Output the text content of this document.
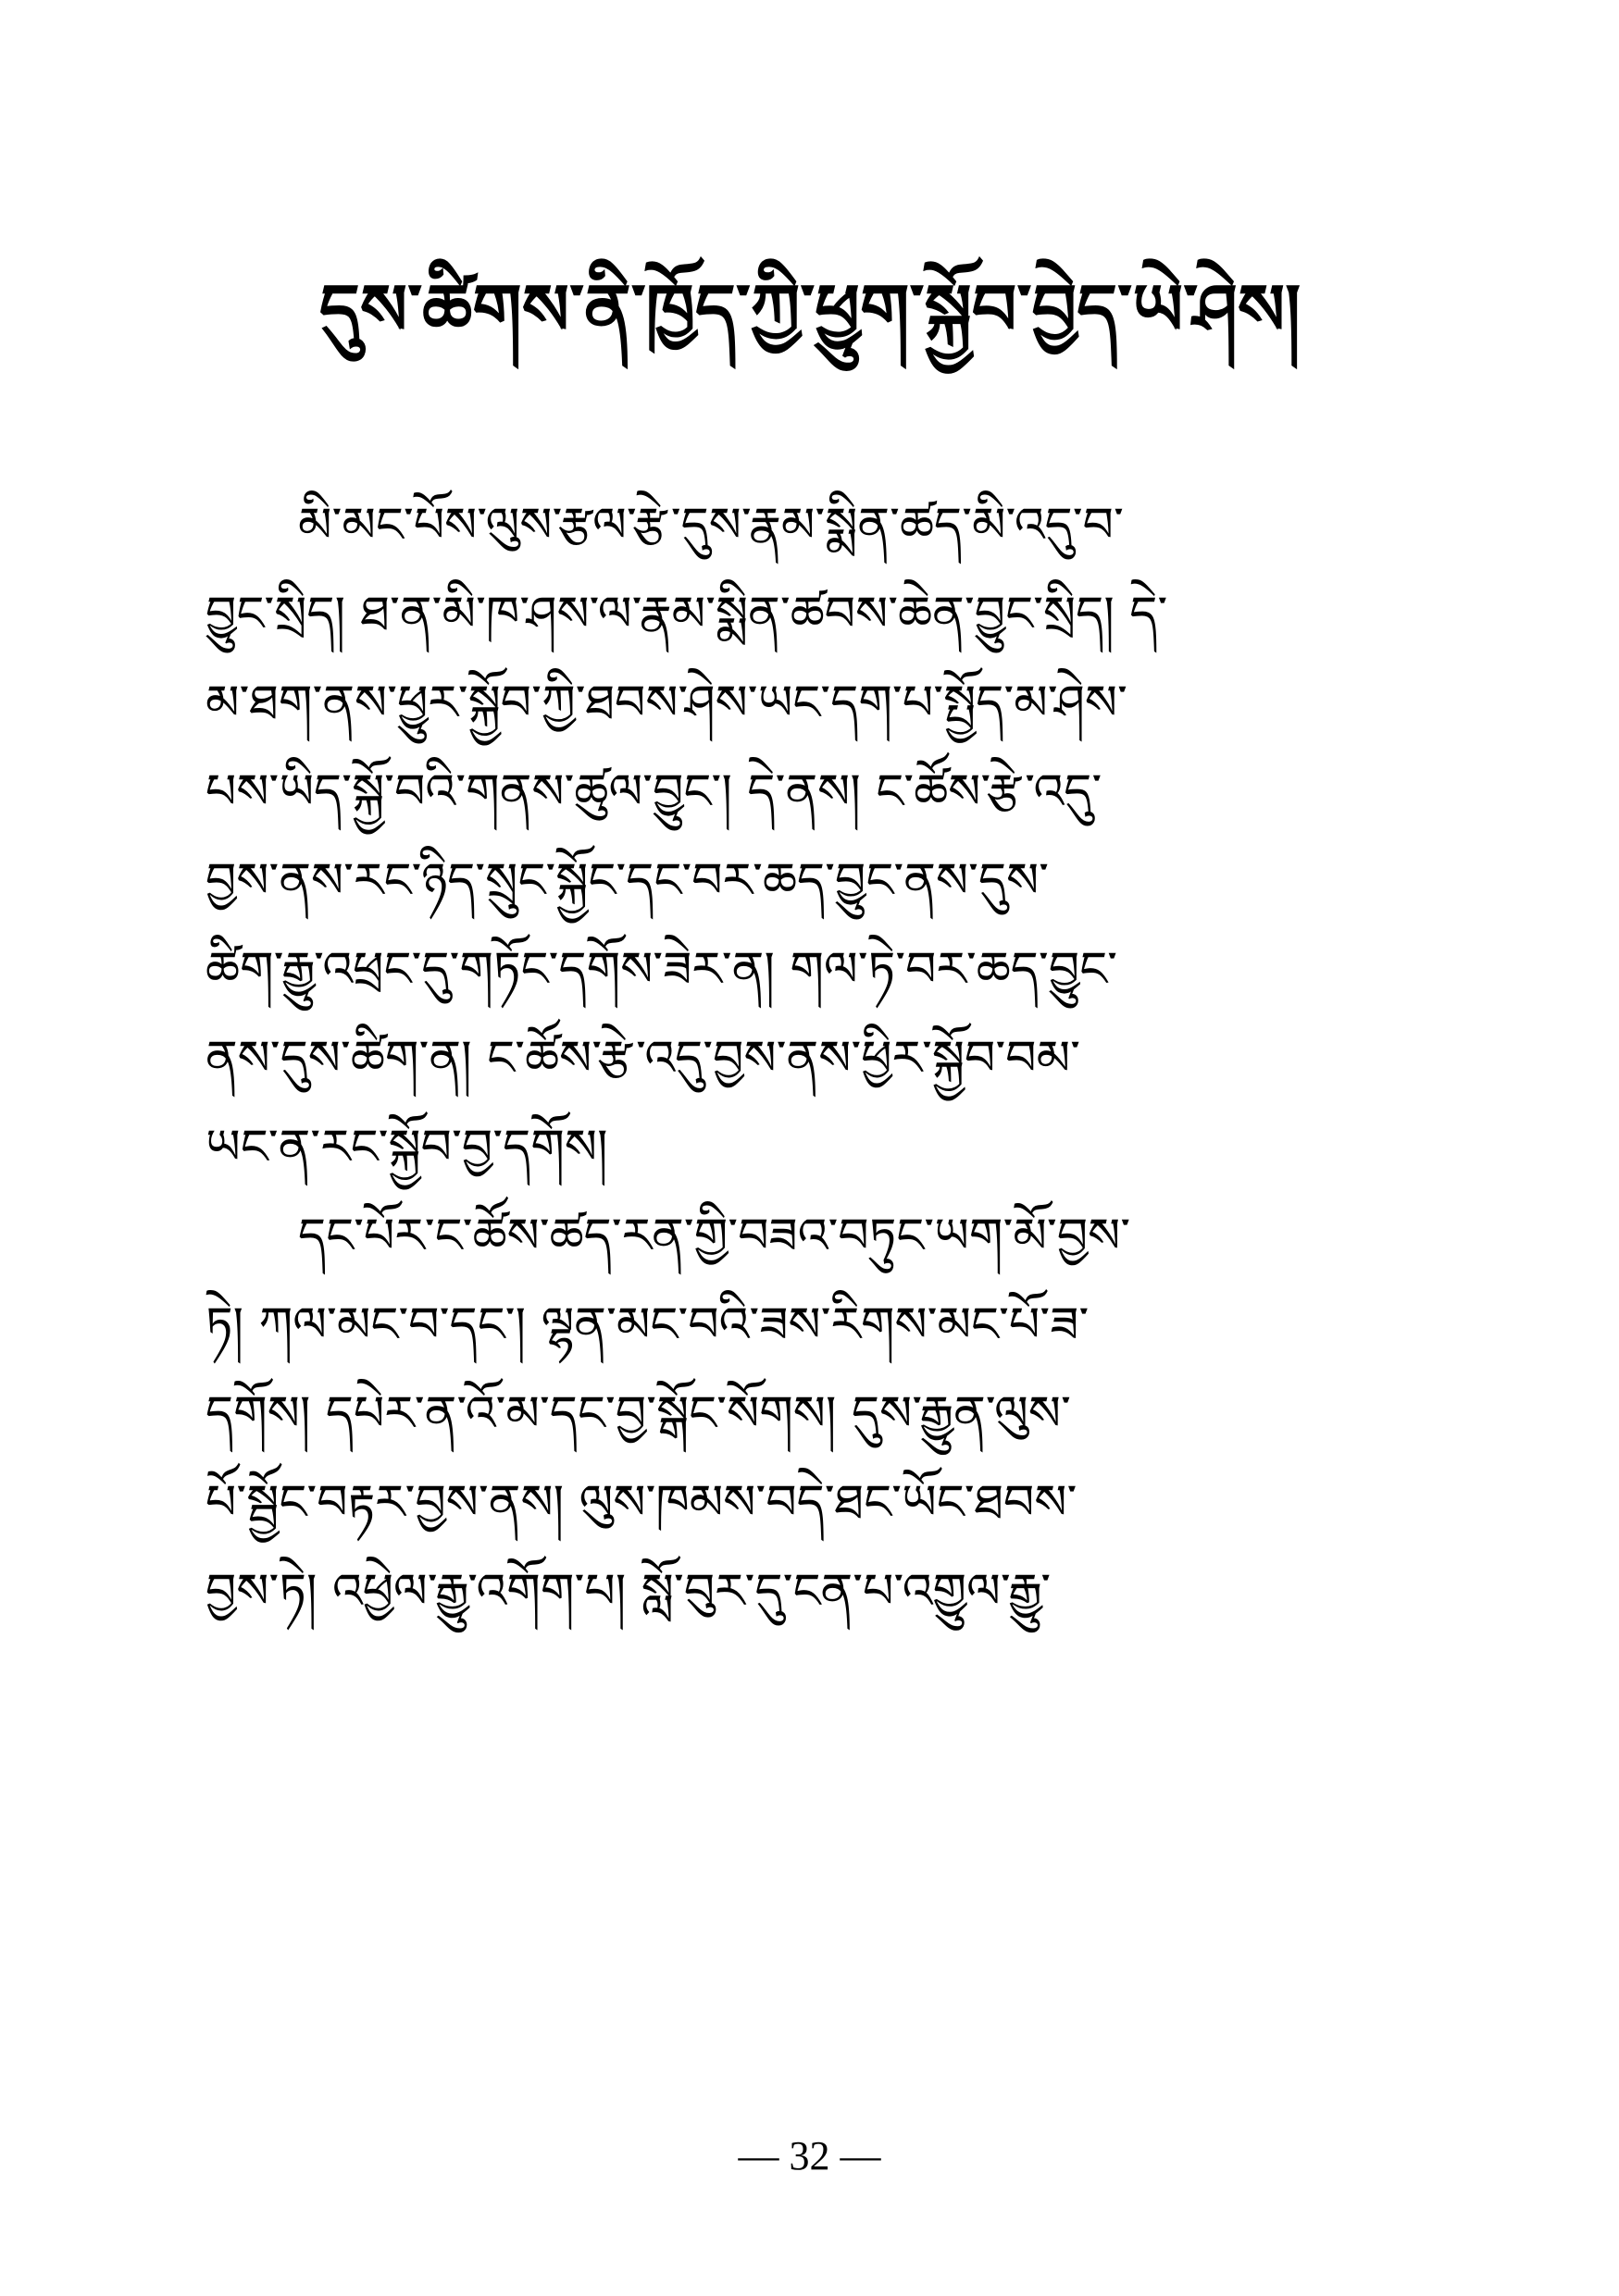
དུས་ཚིགས་ནི་ཁྱོད་ཀྱི་ཕྱུག་སྐྱོབ་བྱེད་ཡེ་ཤེས།
མི་མང་པོས་ལུས་རྩལ་རྩེ་དུས་རྣམ་སྨིན་ཚད་མི་འདུ་བ་
བྱུང་སྲིད། ཐ་ན་མི་ཁ་ཤས་ལ་རྣམ་སྨིན་ཚབས་ཆེན་བྱུང་སྲིད། དེ་
མ་ཐག་ནས་ཕྱུར་སྐྱོབ་ཀྱི་ཐབས་ཤེས་ཡང་དག་པ་སྤྱོད་མ་ཤེས་
པས་ཡིད་སྐྱོ་བའི་གནས་ཚུལ་བྱུང་། དེ་ནས། ང་ཚོས་རྩེ་འདུ་
བྱས་ནས་རང་ཉིད་སྲུང་སྐྱོང་དང་བར་ཆད་བྱུང་ནས་དུས་
ཚིག་རྒྱུ་འཕྲང་དུ་གཏོང་དགོས་ཟེར་ན། གལ་ཏེ་བར་ཆད་བྱུང་
ནས་དུས་ཚིག་ན། ང་ཚོས་རྩེ་འདུ་བྱས་ནས་ཕྱིར་སྐྱོབ་བམ་
ཡང་ན་རང་སྐྱོབ་བྱ་དགོས།
དང་པོར་ང་ཚོས་ཚད་རན་གྱི་བཟའ་བཏུང་ཡག་མོ་བྱས་
ཏེ། ཀལ་མང་བ་དང་། ལྷན་མང་བའི་ཟས་རིགས་མང་པོ་ཟ་
དགོས། དཔེར་ན་འོ་མ་དང་བྱ་སྒོང་སོགས། དུས་རྒྱུན་ལུས་
པོ་སྦྱོང་བརྟར་བྱས་ནས། ལུས་ཁམས་བདེ་ཐང་ཡོང་ཐབས་
བྱས་ཏེ། འཕྱེལ་རྒྱུ་འགོག་པ། སློ་བུར་དུ་ངན་པ་འགྱུལ་རྒྱུ་
— 32 —
